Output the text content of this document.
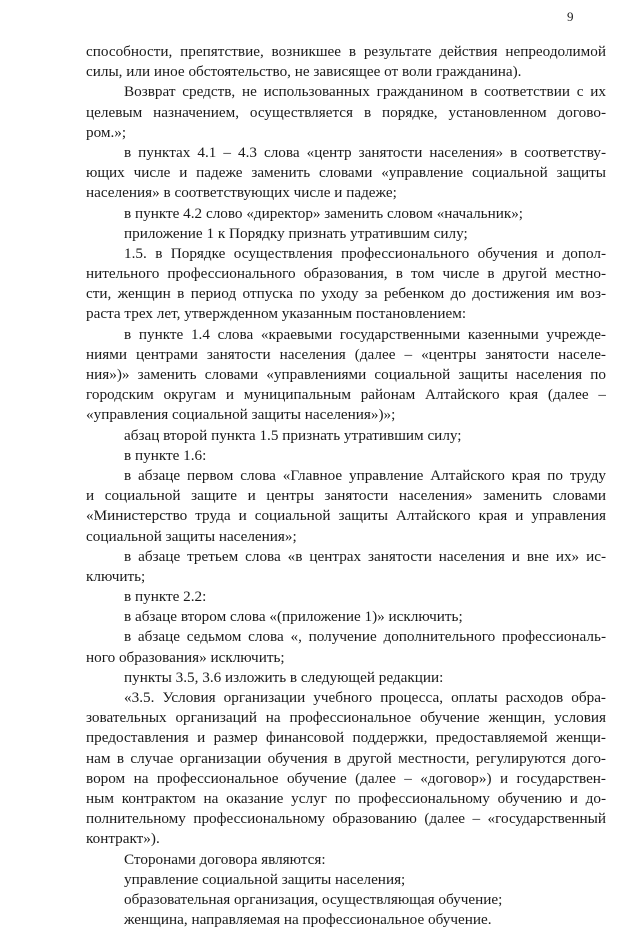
9
способности, препятствие, возникшее в результате действия непреодолимой
силы, или иное обстоятельство, не зависящее от воли гражданина).
Возврат средств, не использованных гражданином в соответствии с их
целевым назначением, осуществляется в порядке, установленном догово-
ром.»;
в пунктах 4.1 – 4.3 слова «центр занятости населения» в соответству-
ющих числе и падеже заменить словами «управление социальной защиты
населения» в соответствующих числе и падеже;
в пункте 4.2 слово «директор» заменить словом «начальник»;
приложение 1 к Порядку признать утратившим силу;
1.5. в Порядке осуществления профессионального обучения и допол-
нительного профессионального образования, в том числе в другой местно-
сти, женщин в период отпуска по уходу за ребенком до достижения им воз-
раста трех лет, утвержденном указанным постановлением:
в пункте 1.4 слова «краевыми государственными казенными учрежде-
ниями центрами занятости населения (далее – «центры занятости населе-
ния»)» заменить словами «управлениями социальной защиты населения по
городским округам и муниципальным районам Алтайского края (далее –
«управления социальной защиты населения»)»;
абзац второй пункта 1.5 признать утратившим силу;
в пункте 1.6:
в абзаце первом слова «Главное управление Алтайского края по труду
и социальной защите и центры занятости населения» заменить словами
«Министерство труда и социальной защиты Алтайского края и управления
социальной защиты населения»;
в абзаце третьем слова «в центрах занятости населения и вне их» ис-
ключить;
в пункте 2.2:
в абзаце втором слова «(приложение 1)» исключить;
в абзаце седьмом слова «, получение дополнительного профессиональ-
ного образования» исключить;
пункты 3.5, 3.6 изложить в следующей редакции:
«3.5. Условия организации учебного процесса, оплаты расходов обра-
зовательных организаций на профессиональное обучение женщин, условия
предоставления и размер финансовой поддержки, предоставляемой женщи-
нам в случае организации обучения в другой местности, регулируются дого-
вором на профессиональное обучение (далее – «договор») и государствен-
ным контрактом на оказание услуг по профессиональному обучению и до-
полнительному профессиональному образованию (далее – «государственный
контракт»).
Сторонами договора являются:
управление социальной защиты населения;
образовательная организация, осуществляющая обучение;
женщина, направляемая на профессиональное обучение.
